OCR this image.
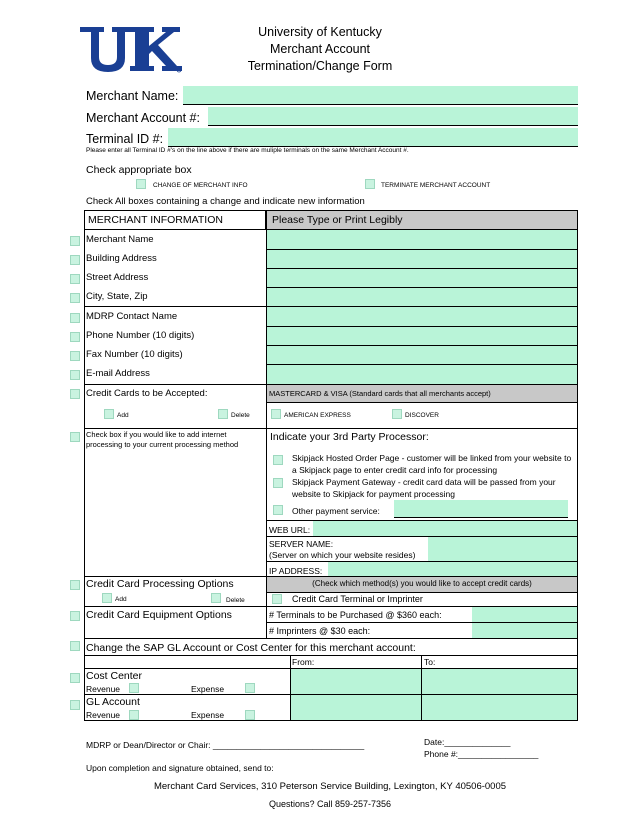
University of Kentucky
Merchant Account
Termination/Change Form
Merchant Name:
Merchant Account #:
Terminal ID #:
Please enter all Terminal ID #'s on the line above if there are muliple terminals on the same Merchant Account #.
Check appropriate box
CHANGE OF MERCHANT INFO	TERMINATE MERCHANT ACCOUNT
Check All boxes containing a change and indicate new information
MERCHANT INFORMATION	Please Type or Print Legibly
Merchant Name
Building Address
Street Address
City, State, Zip
MDRP Contact Name
Phone Number (10 digits)
Fax Number (10 digits)
E-mail Address
Credit Cards to be Accepted:	MASTERCARD & VISA (Standard cards that all merchants accept)
Add	Delete	AMERICAN EXPRESS	DISCOVER
Check box if you would like to add internet processing to your current processing method
Indicate your 3rd Party Processor:
Skipjack Hosted Order Page - customer will be linked from your website to a Skipjack page to enter credit card info for processing
Skipjack Payment Gateway - credit card data will be passed from your website to Skipjack for payment processing
Other payment service:
WEB URL:
SERVER NAME:
(Server on which your website resides)
IP ADDRESS:
Credit Card Processing Options	(Check which method(s) you would like to accept credit cards)
Add	Delete	Credit Card Terminal or Imprinter
Credit Card Equipment Options	# Terminals to be Purchased @ $360 each:
# Imprinters @ $30 each:
Change the SAP GL Account or Cost Center for this merchant account:
From:	To:
Cost Center
Revenue	Expense
GL Account
Revenue	Expense
MDRP or Dean/Director or Chair: ________________________________	Date:______________
Phone #:_________________
Upon completion and signature obtained, send to:
Merchant Card Services, 310 Peterson Service Building, Lexington, KY 40506-0005
Questions? Call 859-257-7356
